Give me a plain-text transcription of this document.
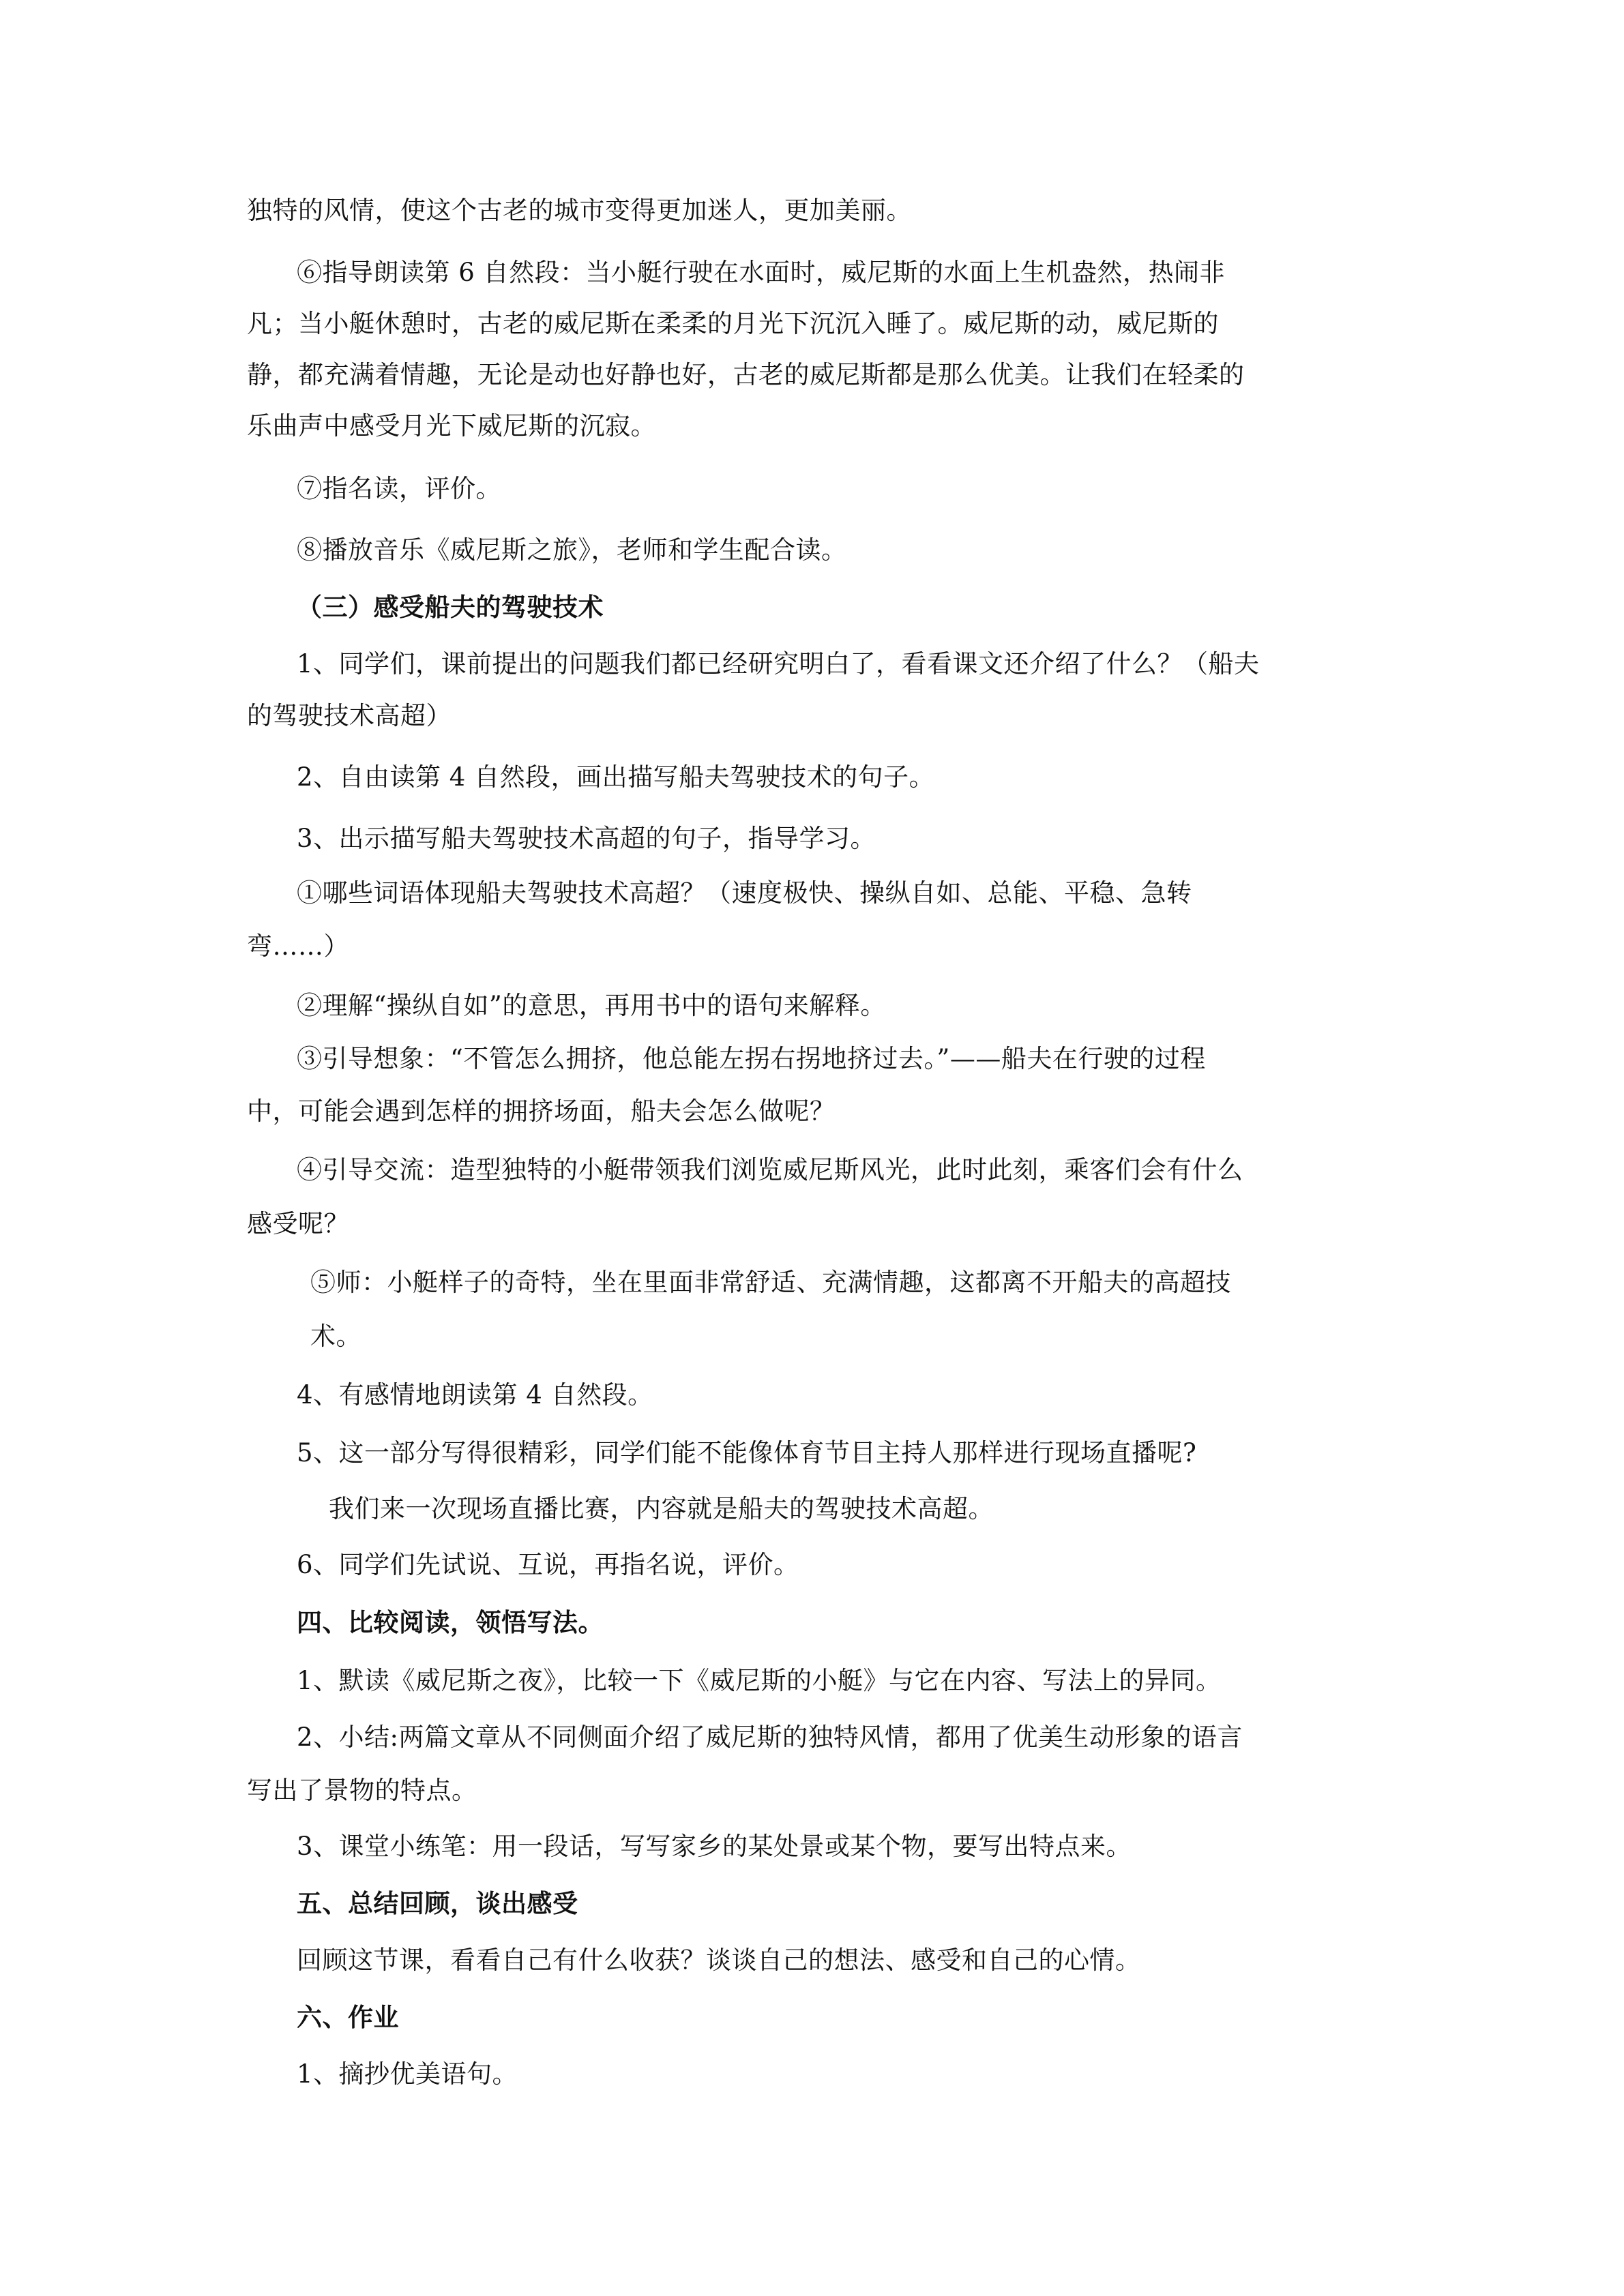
独特的风情，使这个古老的城市变得更加迷人，更加美丽。
⑥指导朗读第 6 自然段：当小艇行驶在水面时，威尼斯的水面上生机盎然，热闹非
凡；当小艇休憩时，古老的威尼斯在柔柔的月光下沉沉入睡了。威尼斯的动，威尼斯的
静，都充满着情趣，无论是动也好静也好，古老的威尼斯都是那么优美。让我们在轻柔的
乐曲声中感受月光下威尼斯的沉寂。
⑦指名读，评价。
⑧播放音乐《威尼斯之旅》，老师和学生配合读。
（三）感受船夫的驾驶技术
1、同学们，课前提出的问题我们都已经研究明白了，看看课文还介绍了什么？（船夫
的驾驶技术高超）
2、自由读第 4 自然段，画出描写船夫驾驶技术的句子。
3、出示描写船夫驾驶技术高超的句子，指导学习。
①哪些词语体现船夫驾驶技术高超？（速度极快、操纵自如、总能、平稳、急转
弯……）
②理解“操纵自如”的意思，再用书中的语句来解释。
③引导想象：“不管怎么拥挤，他总能左拐右拐地挤过去。”——船夫在行驶的过程
中，可能会遇到怎样的拥挤场面，船夫会怎么做呢？
④引导交流：造型独特的小艇带领我们浏览威尼斯风光，此时此刻，乘客们会有什么
感受呢？
⑤师：小艇样子的奇特，坐在里面非常舒适、充满情趣，这都离不开船夫的高超技
术。
4、有感情地朗读第 4 自然段。
5、这一部分写得很精彩，同学们能不能像体育节目主持人那样进行现场直播呢?
我们来一次现场直播比赛，内容就是船夫的驾驶技术高超。
6、同学们先试说、互说，再指名说，评价。
四、比较阅读，领悟写法。
1、默读《威尼斯之夜》，比较一下《威尼斯的小艇》与它在内容、写法上的异同。
2、小结:两篇文章从不同侧面介绍了威尼斯的独特风情，都用了优美生动形象的语言
写出了景物的特点。
3、课堂小练笔：用一段话，写写家乡的某处景或某个物，要写出特点来。
五、总结回顾，谈出感受
回顾这节课，看看自己有什么收获？谈谈自己的想法、感受和自己的心情。
六、作业
1、摘抄优美语句。
